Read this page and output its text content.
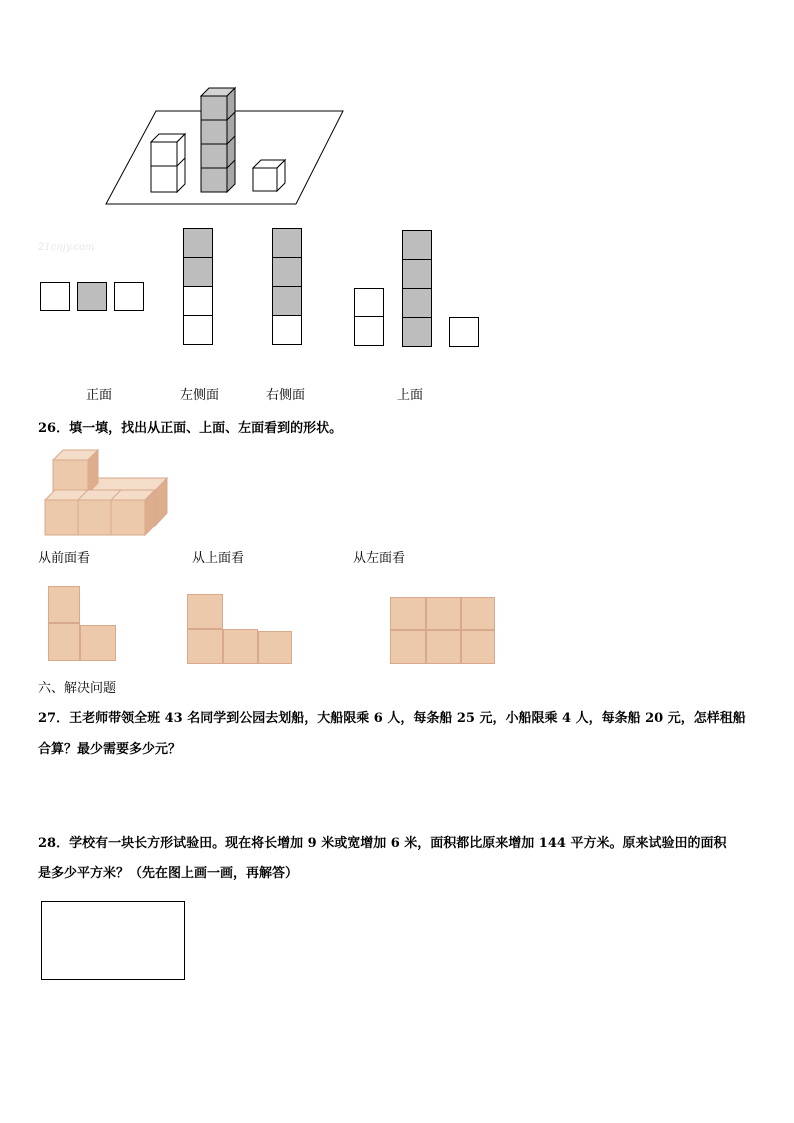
21cnjy.com
正面	左侧面	右侧面	上面
26．填一填，找出从正面、上面、左面看到的形状。
从前面看	从上面看	从左面看
六、解决问题
27．王老师带领全班 43 名同学到公园去划船，大船限乘 6 人，每条船 25 元，小船限乘 4 人，每条船 20 元，怎样租船
合算？最少需要多少元？
28．学校有一块长方形试验田。现在将长增加 9 米或宽增加 6 米，面积都比原来增加 144 平方米。原来试验田的面积
是多少平方米？（先在图上画一画，再解答）
